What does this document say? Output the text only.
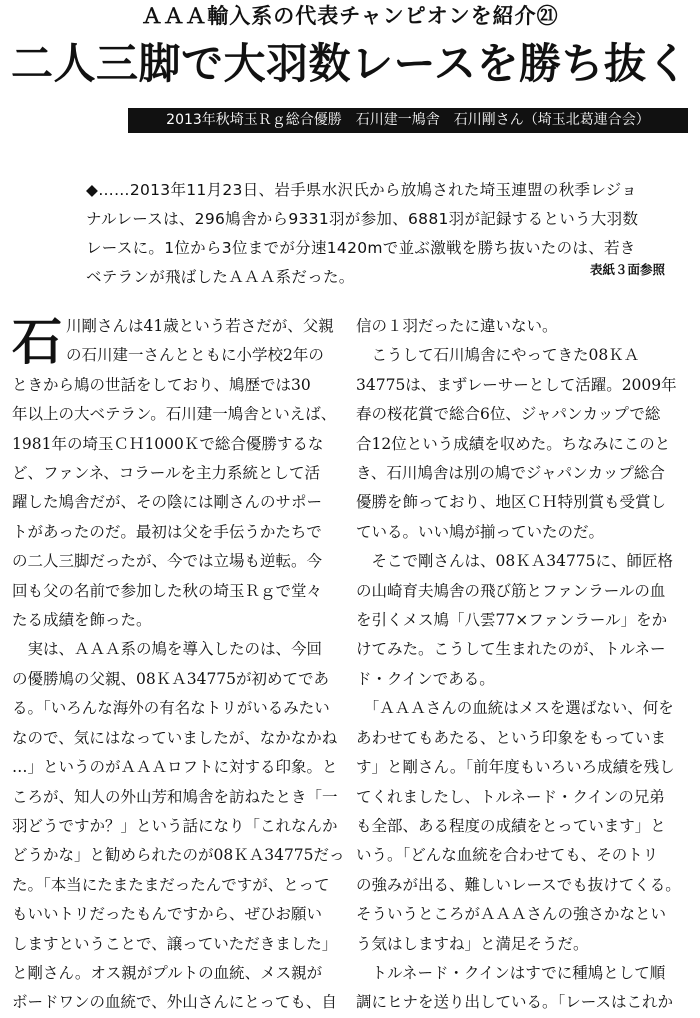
ＡＡＡ輸入系の代表チャンピオンを紹介㉑
二人三脚で大羽数レースを勝ち抜く
2013年秋埼玉Ｒｇ総合優勝　石川建一鳩舎　石川剛さん（埼玉北葛連合会）

◆……2013年11月23日、岩手県水沢氏から放鳩された埼玉連盟の秋季レジョ

ナルレースは、296鳩舎から9331羽が参加、6881羽が記録するという大羽数

レースに。1位から3位までが分速1420mで並ぶ激戦を勝ち抜いたのは、若き

ベテランが飛ばしたＡＡＡ系だった。	表紙３面参照
石 川剛さんは41歳という若さだが、父親

の石川建一さんとともに小学校2年の

ときから鳩の世話をしており、鳩歴では30

年以上の大ベテラン。石川建一鳩舎といえば、

1981年の埼玉ＣＨ1000Ｋで総合優勝するな

ど、ファンネ、コラールを主力系統として活

躍した鳩舎だが、その陰には剛さんのサポー

トがあったのだ。最初は父を手伝うかたちで

の二人三脚だったが、今では立場も逆転。今

回も父の名前で参加した秋の埼玉Ｒｇで堂々

たる成績を飾った。

　実は、ＡＡＡ系の鳩を導入したのは、今回

の優勝鳩の父親、08ＫＡ34775が初めてであ

る。「いろんな海外の有名なトリがいるみたい

なので、気にはなっていましたが、なかなかね

…」というのがＡＡＡロフトに対する印象。と

ころが、知人の外山芳和鳩舎を訪ねたとき「一

羽どうですか？」という話になり「これなんか

どうかな」と勧められたのが08ＫＡ34775だっ

た。「本当にたまたまだったんですが、とって

もいいトリだったもんですから、ぜひお願い

しますということで、譲っていただきました」

と剛さん。オス親がプルトの血統、メス親が

ボードワンの血統で、外山さんにとっても、自

信の１羽だったに違いない。

　こうして石川鳩舎にやってきた08ＫＡ

34775は、まずレーサーとして活躍。2009年

春の桜花賞で総合6位、ジャパンカップで総

合12位という成績を収めた。ちなみにこのと

き、石川鳩舎は別の鳩でジャパンカップ総合

優勝を飾っており、地区ＣＨ特別賞も受賞し

ている。いい鳩が揃っていたのだ。

　そこで剛さんは、08ＫＡ34775に、師匠格

の山崎育夫鳩舎の飛び筋とファンラールの血

を引くメス鳩「八雲77×ファンラール」をか

けてみた。こうして生まれたのが、トルネー

ド・クインである。

　「ＡＡＡさんの血統はメスを選ばない、何を

あわせてもあたる、という印象をもっていま

す」と剛さん。「前年度もいろいろ成績を残し

てくれましたし、トルネード・クインの兄弟

も全部、ある程度の成績をとっています」と

いう。「どんな血統を合わせても、そのトリ

の強みが出る、難しいレースでも抜けてくる。

そういうところがＡＡＡさんの強さかなとい

う気はしますね」と満足そうだ。

　トルネード・クインはすでに種鳩として順

調にヒナを送り出している。「レースはこれか
